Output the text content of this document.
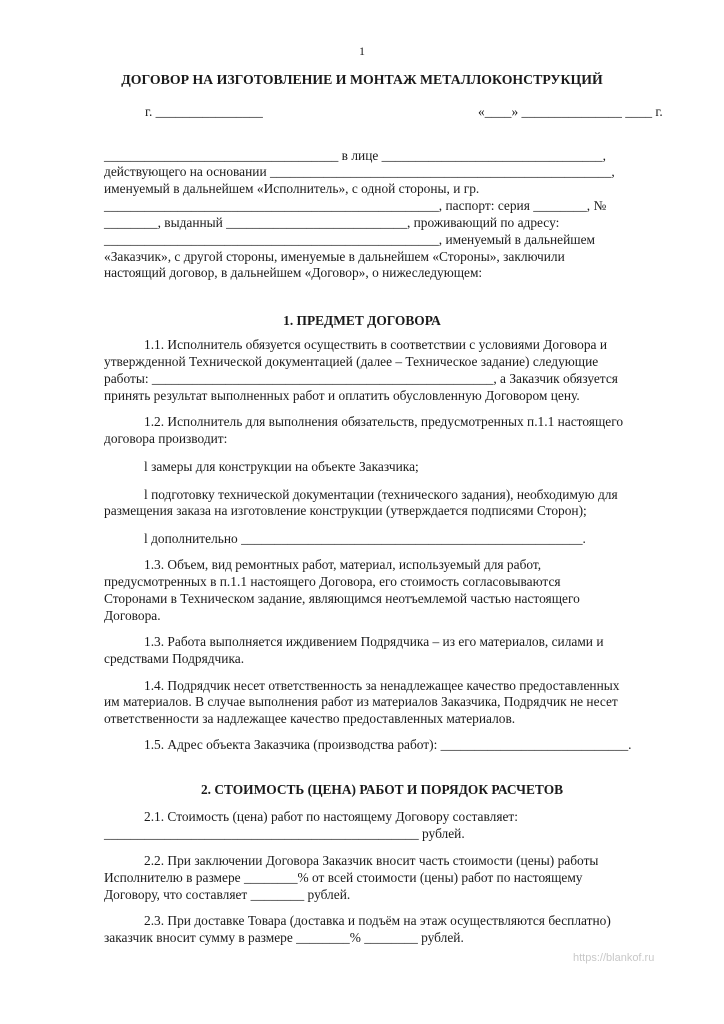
1
ДОГОВОР НА ИЗГОТОВЛЕНИЕ И МОНТАЖ МЕТАЛЛОКОНСТРУКЦИЙ
г. ________________	«____» _______________ ____ г.
___________________________________ в лице _________________________________,
действующего на основании ___________________________________________________,
именуемый в дальнейшем «Исполнитель», с одной стороны, и гр.
__________________________________________________, паспорт: серия ________, №
________, выданный ___________________________, проживающий по адресу:
__________________________________________________, именуемый в дальнейшем
«Заказчик», с другой стороны, именуемые в дальнейшем «Стороны», заключили
настоящий договор, в дальнейшем «Договор», о нижеследующем:
1. ПРЕДМЕТ ДОГОВОРА
1.1. Исполнитель обязуется осуществить в соответствии с условиями Договора и
утвержденной Технической документацией (далее – Техническое задание) следующие
работы: ___________________________________________________, а Заказчик обязуется
принять результат выполненных работ и оплатить обусловленную Договором цену.
1.2. Исполнитель для выполнения обязательств, предусмотренных п.1.1 настоящего
договора производит:
l замеры для конструкции на объекте Заказчика;
l подготовку технической документации (технического задания), необходимую для
размещения заказа на изготовление конструкции (утверждается подписями Сторон);
l дополнительно ___________________________________________________.
1.3. Объем, вид ремонтных работ, материал, используемый для работ,
предусмотренных в п.1.1 настоящего Договора, его стоимость согласовываются
Сторонами в Техническом задание, являющимся неотъемлемой частью настоящего
Договора.
1.3. Работа выполняется иждивением Подрядчика – из его материалов, силами и
средствами Подрядчика.
1.4. Подрядчик несет ответственность за ненадлежащее качество предоставленных
им материалов. В случае выполнения работ из материалов Заказчика, Подрядчик не несет
ответственности за надлежащее качество предоставленных материалов.
1.5. Адрес объекта Заказчика (производства работ): ____________________________.
2. СТОИМОСТЬ (ЦЕНА) РАБОТ И ПОРЯДОК РАСЧЕТОВ
2.1. Стоимость (цена) работ по настоящему Договору составляет:
_______________________________________________ рублей.
2.2. При заключении Договора Заказчик вносит часть стоимости (цены) работы
Исполнителю в размере ________% от всей стоимости (цены) работ по настоящему
Договору, что составляет ________ рублей.
2.3. При доставке Товара (доставка и подъём на этаж осуществляются бесплатно)
заказчик вносит сумму в размере ________% ________ рублей.
https://blankof.ru
